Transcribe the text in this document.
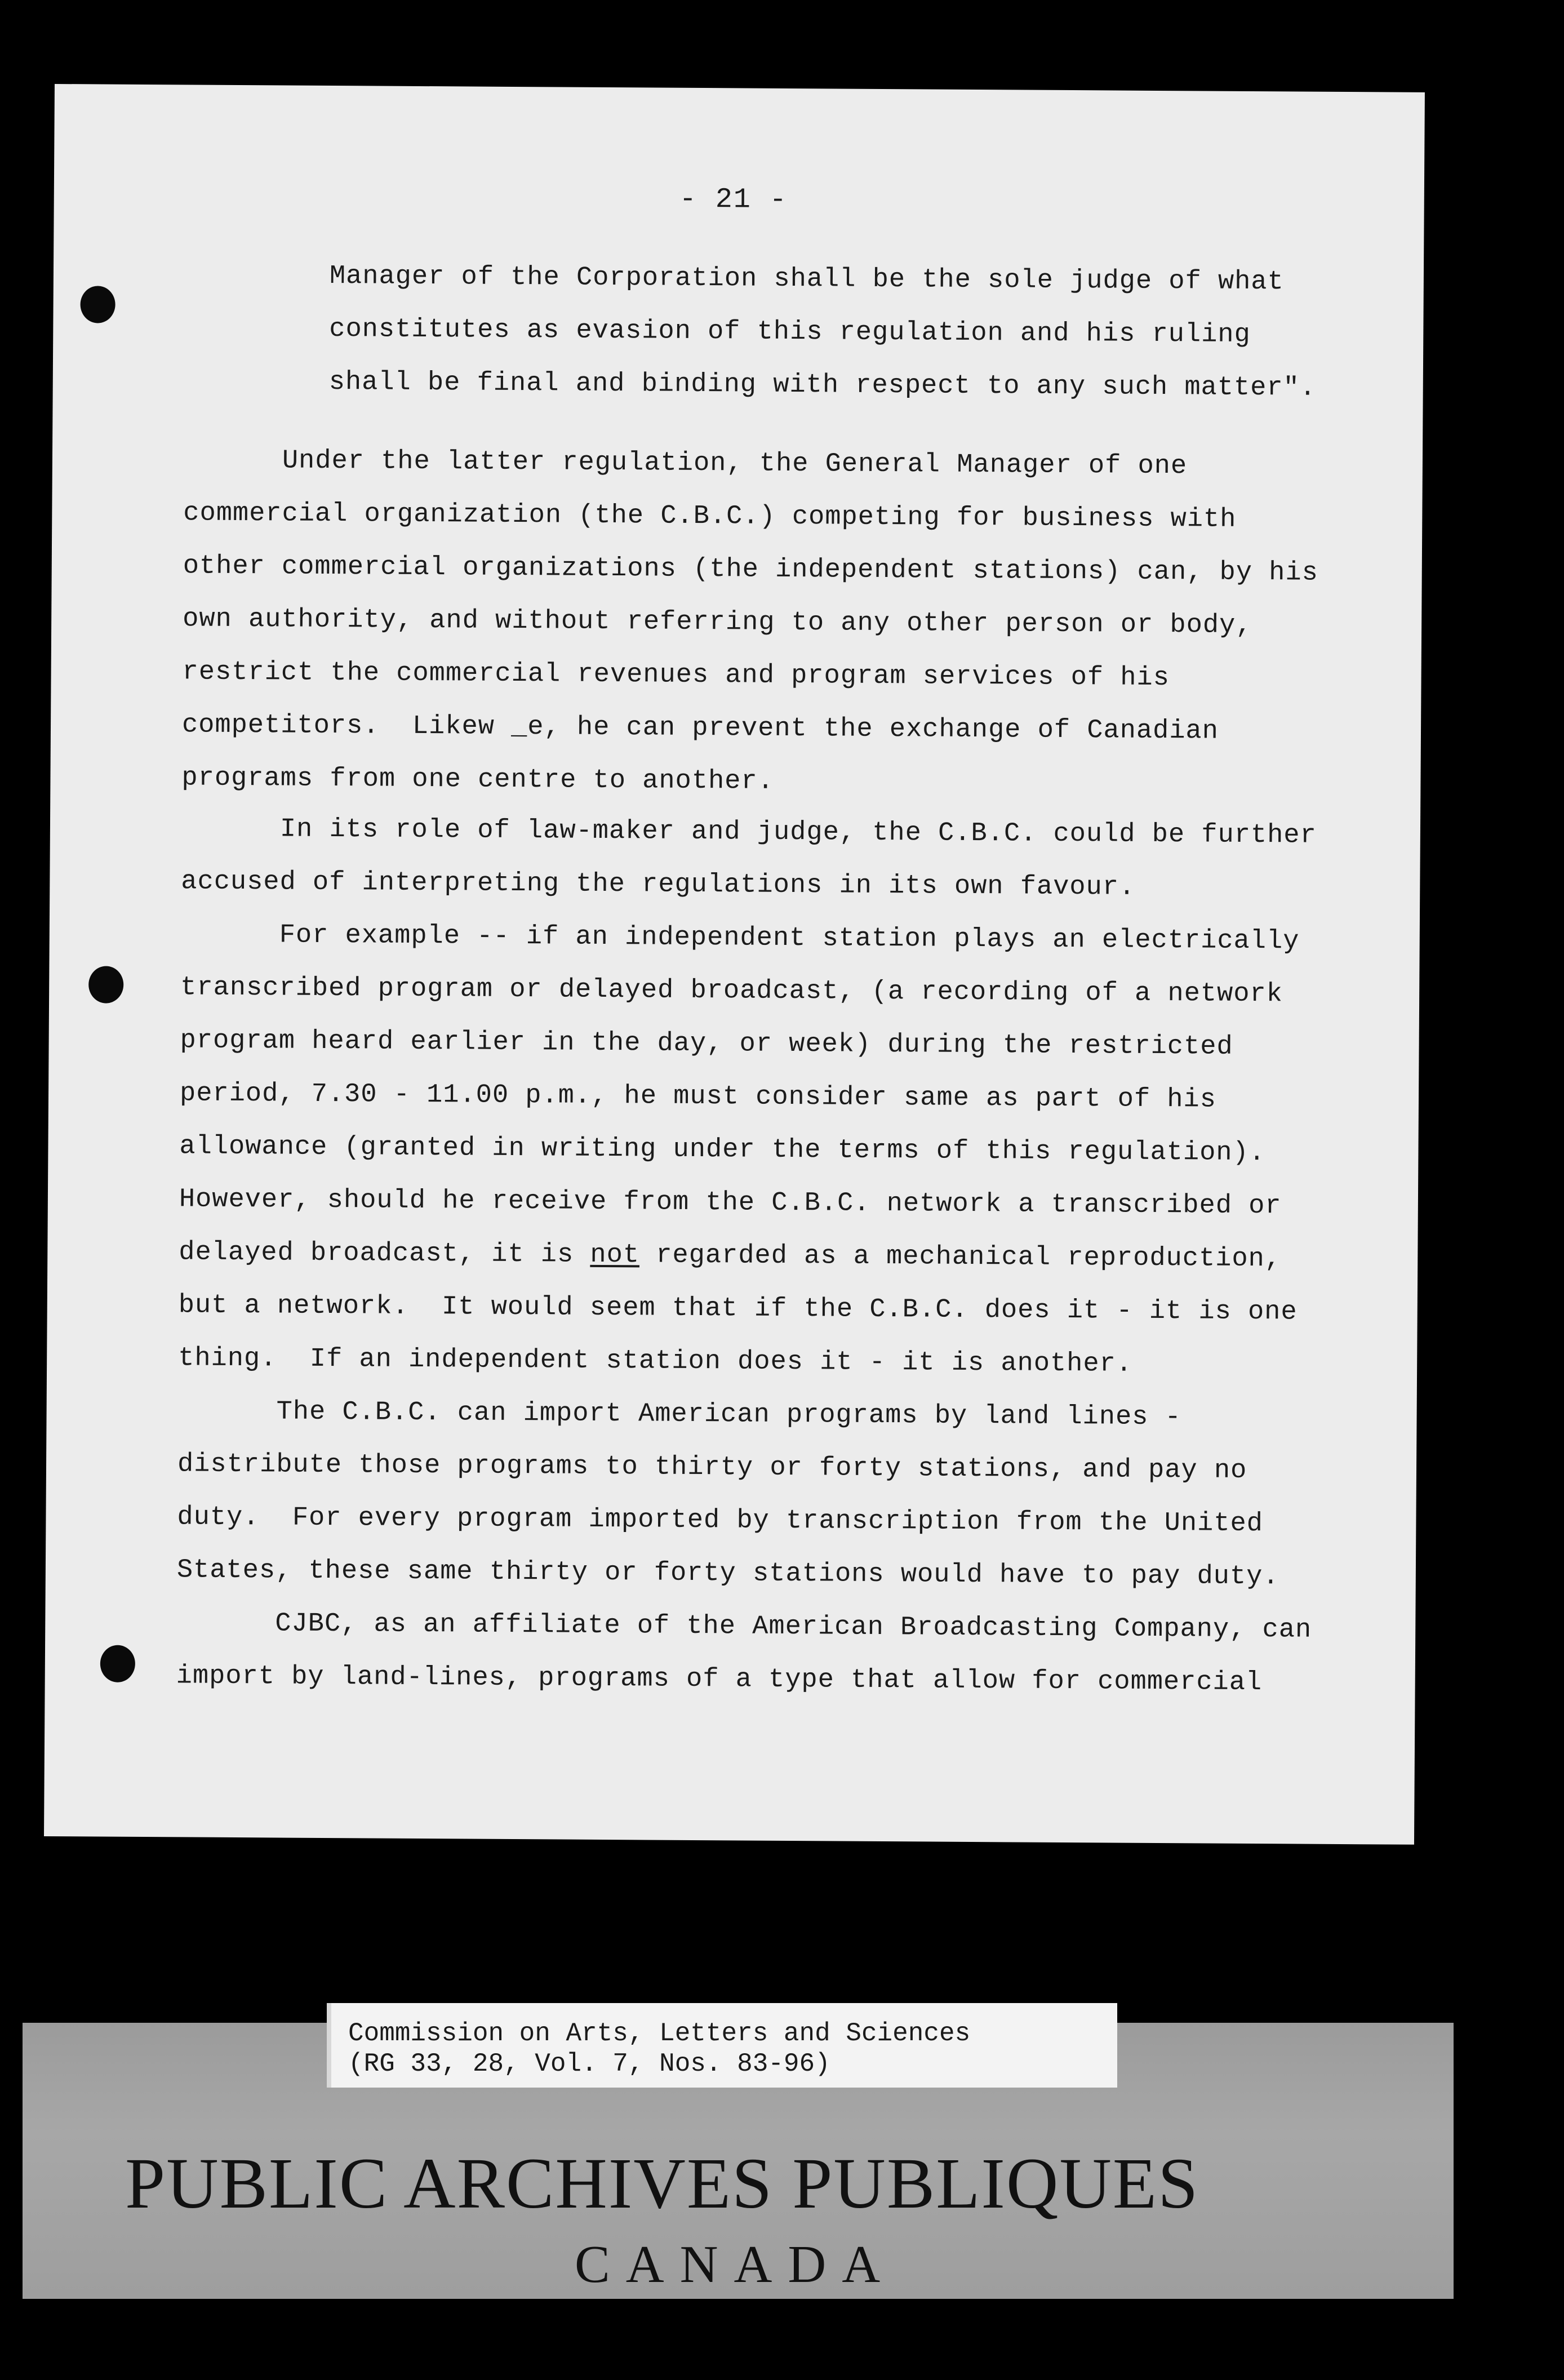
- 21 -
Manager of the Corporation shall be the sole judge of what
constitutes as evasion of this regulation and his ruling
shall be final and binding with respect to any such matter".
Under the latter regulation, the General Manager of one
commercial organization (the C.B.C.) competing for business with
other commercial organizations (the independent stations) can, by his
own authority, and without referring to any other person or body,
restrict the commercial revenues and program services of his
competitors.  Likew _e, he can prevent the exchange of Canadian
programs from one centre to another.
In its role of law-maker and judge, the C.B.C. could be further
accused of interpreting the regulations in its own favour.
For example -- if an independent station plays an electrically
transcribed program or delayed broadcast, (a recording of a network
program heard earlier in the day, or week) during the restricted
period, 7.30 - 11.00 p.m., he must consider same as part of his
allowance (granted in writing under the terms of this regulation).
However, should he receive from the C.B.C. network a transcribed or
delayed broadcast, it is not regarded as a mechanical reproduction,
but a network.  It would seem that if the C.B.C. does it - it is one
thing.  If an independent station does it - it is another.
The C.B.C. can import American programs by land lines -
distribute those programs to thirty or forty stations, and pay no
duty.  For every program imported by transcription from the United
States, these same thirty or forty stations would have to pay duty.
CJBC, as an affiliate of the American Broadcasting Company, can
import by land-lines, programs of a type that allow for commercial
Commission on Arts, Letters and Sciences
(RG 33, 28, Vol. 7, Nos. 83-96)
PUBLIC ARCHIVES PUBLIQUES
CANADA
